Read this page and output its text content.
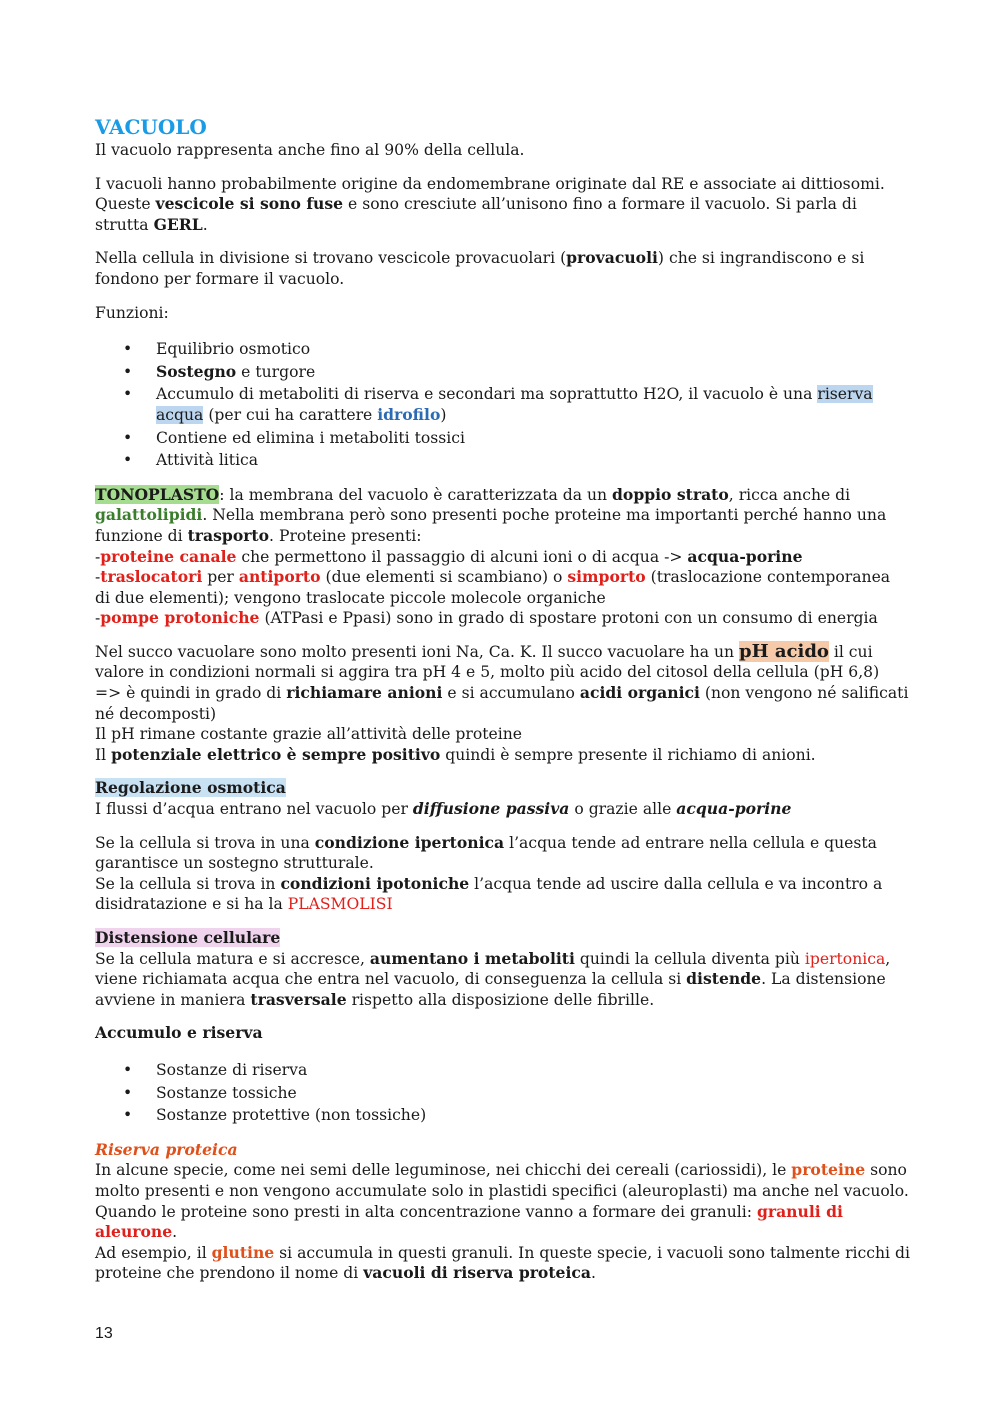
VACUOLO

Il vacuolo rappresenta anche fino al 90% della cellula.

I vacuoli hanno probabilmente origine da endomembrane originate dal RE e associate ai dittiosomi. Queste vescicole si sono fuse e sono cresciute all’unisono fino a formare il vacuolo. Si parla di strutta GERL.

Nella cellula in divisione si trovano vescicole provacuolari (provacuoli) che si ingrandiscono e si fondono per formare il vacuolo.

Funzioni:

• Equilibrio osmotico
• Sostegno e turgore
• Accumulo di metaboliti di riserva e secondari ma soprattutto H2O, il vacuolo è una riserva acqua (per cui ha carattere idrofilo)
• Contiene ed elimina i metaboliti tossici
• Attività litica

TONOPLASTO: la membrana del vacuolo è caratterizzata da un doppio strato, ricca anche di galattolipidi. Nella membrana però sono presenti poche proteine ma importanti perché hanno una funzione di trasporto. Proteine presenti:
-proteine canale che permettono il passaggio di alcuni ioni o di acqua -> acqua-porine
-traslocatori per antiporto (due elementi si scambiano) o simporto (traslocazione contemporanea di due elementi); vengono traslocate piccole molecole organiche
-pompe protoniche (ATPasi e Ppasi) sono in grado di spostare protoni con un consumo di energia

Nel succo vacuolare sono molto presenti ioni Na, Ca. K. Il succo vacuolare ha un pH acido il cui valore in condizioni normali si aggira tra pH 4 e 5, molto più acido del citosol della cellula (pH 6,8) => è quindi in grado di richiamare anioni e si accumulano acidi organici (non vengono né salificati né decomposti)
Il pH rimane costante grazie all’attività delle proteine
Il potenziale elettrico è sempre positivo quindi è sempre presente il richiamo di anioni.

Regolazione osmotica
I flussi d’acqua entrano nel vacuolo per diffusione passiva o grazie alle acqua-porine

Se la cellula si trova in una condizione ipertonica l’acqua tende ad entrare nella cellula e questa garantisce un sostegno strutturale.
Se la cellula si trova in condizioni ipotoniche l’acqua tende ad uscire dalla cellula e va incontro a disidratazione e si ha la PLASMOLISI

Distensione cellulare
Se la cellula matura e si accresce, aumentano i metaboliti quindi la cellula diventa più ipertonica, viene richiamata acqua che entra nel vacuolo, di conseguenza la cellula si distende. La distensione avviene in maniera trasversale rispetto alla disposizione delle fibrille.

Accumulo e riserva

• Sostanze di riserva
• Sostanze tossiche
• Sostanze protettive (non tossiche)

Riserva proteica
In alcune specie, come nei semi delle leguminose, nei chicchi dei cereali (cariossidi), le proteine sono molto presenti e non vengono accumulate solo in plastidi specifici (aleuroplasti) ma anche nel vacuolo.
Quando le proteine sono presti in alta concentrazione vanno a formare dei granuli: granuli di aleurone.
Ad esempio, il glutine si accumula in questi granuli. In queste specie, i vacuoli sono talmente ricchi di proteine che prendono il nome di vacuoli di riserva proteica.

13
